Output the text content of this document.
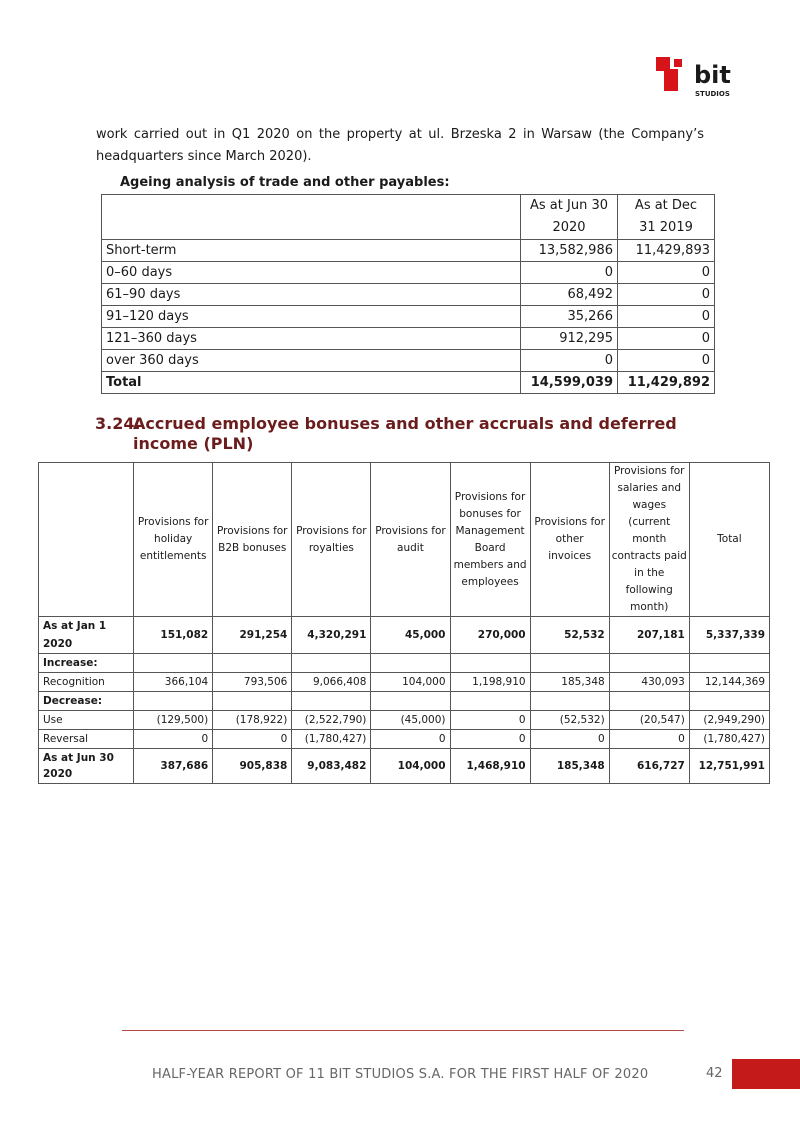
bit
STUDIOS

work carried out in Q1 2020 on the property at ul. Brzeska 2 in Warsaw (the Company’s headquarters since March 2020).

Ageing analysis of trade and other payables:

	As at Jun 30 2020	As at Dec 31 2019
Short-term	13,582,986	11,429,893
0–60 days	0	0
61–90 days	68,492	0
91–120 days	35,266	0
121–360 days	912,295	0
over 360 days	0	0
Total	14,599,039	11,429,892
3.24.Accrued employee bonuses and other accruals and deferred
income (PLN)
	Provisions for holiday entitlements	Provisions for B2B bonuses	Provisions for royalties	Provisions for audit	Provisions for bonuses for Management Board members and employees	Provisions for other invoices	Provisions for salaries and wages (current month contracts paid in the following month)	Total
As at Jan 1 2020	151,082	291,254	4,320,291	45,000	270,000	52,532	207,181	5,337,339
Increase:								
Recognition	366,104	793,506	9,066,408	104,000	1,198,910	185,348	430,093	12,144,369
Decrease:								
Use	(129,500)	(178,922)	(2,522,790)	(45,000)	0	(52,532)	(20,547)	(2,949,290)
Reversal	0	0	(1,780,427)	0	0	0	0	(1,780,427)
As at Jun 30 2020	387,686	905,838	9,083,482	104,000	1,468,910	185,348	616,727	12,751,991

HALF-YEAR REPORT OF 11 BIT STUDIOS S.A. FOR THE FIRST HALF OF 2020	42
